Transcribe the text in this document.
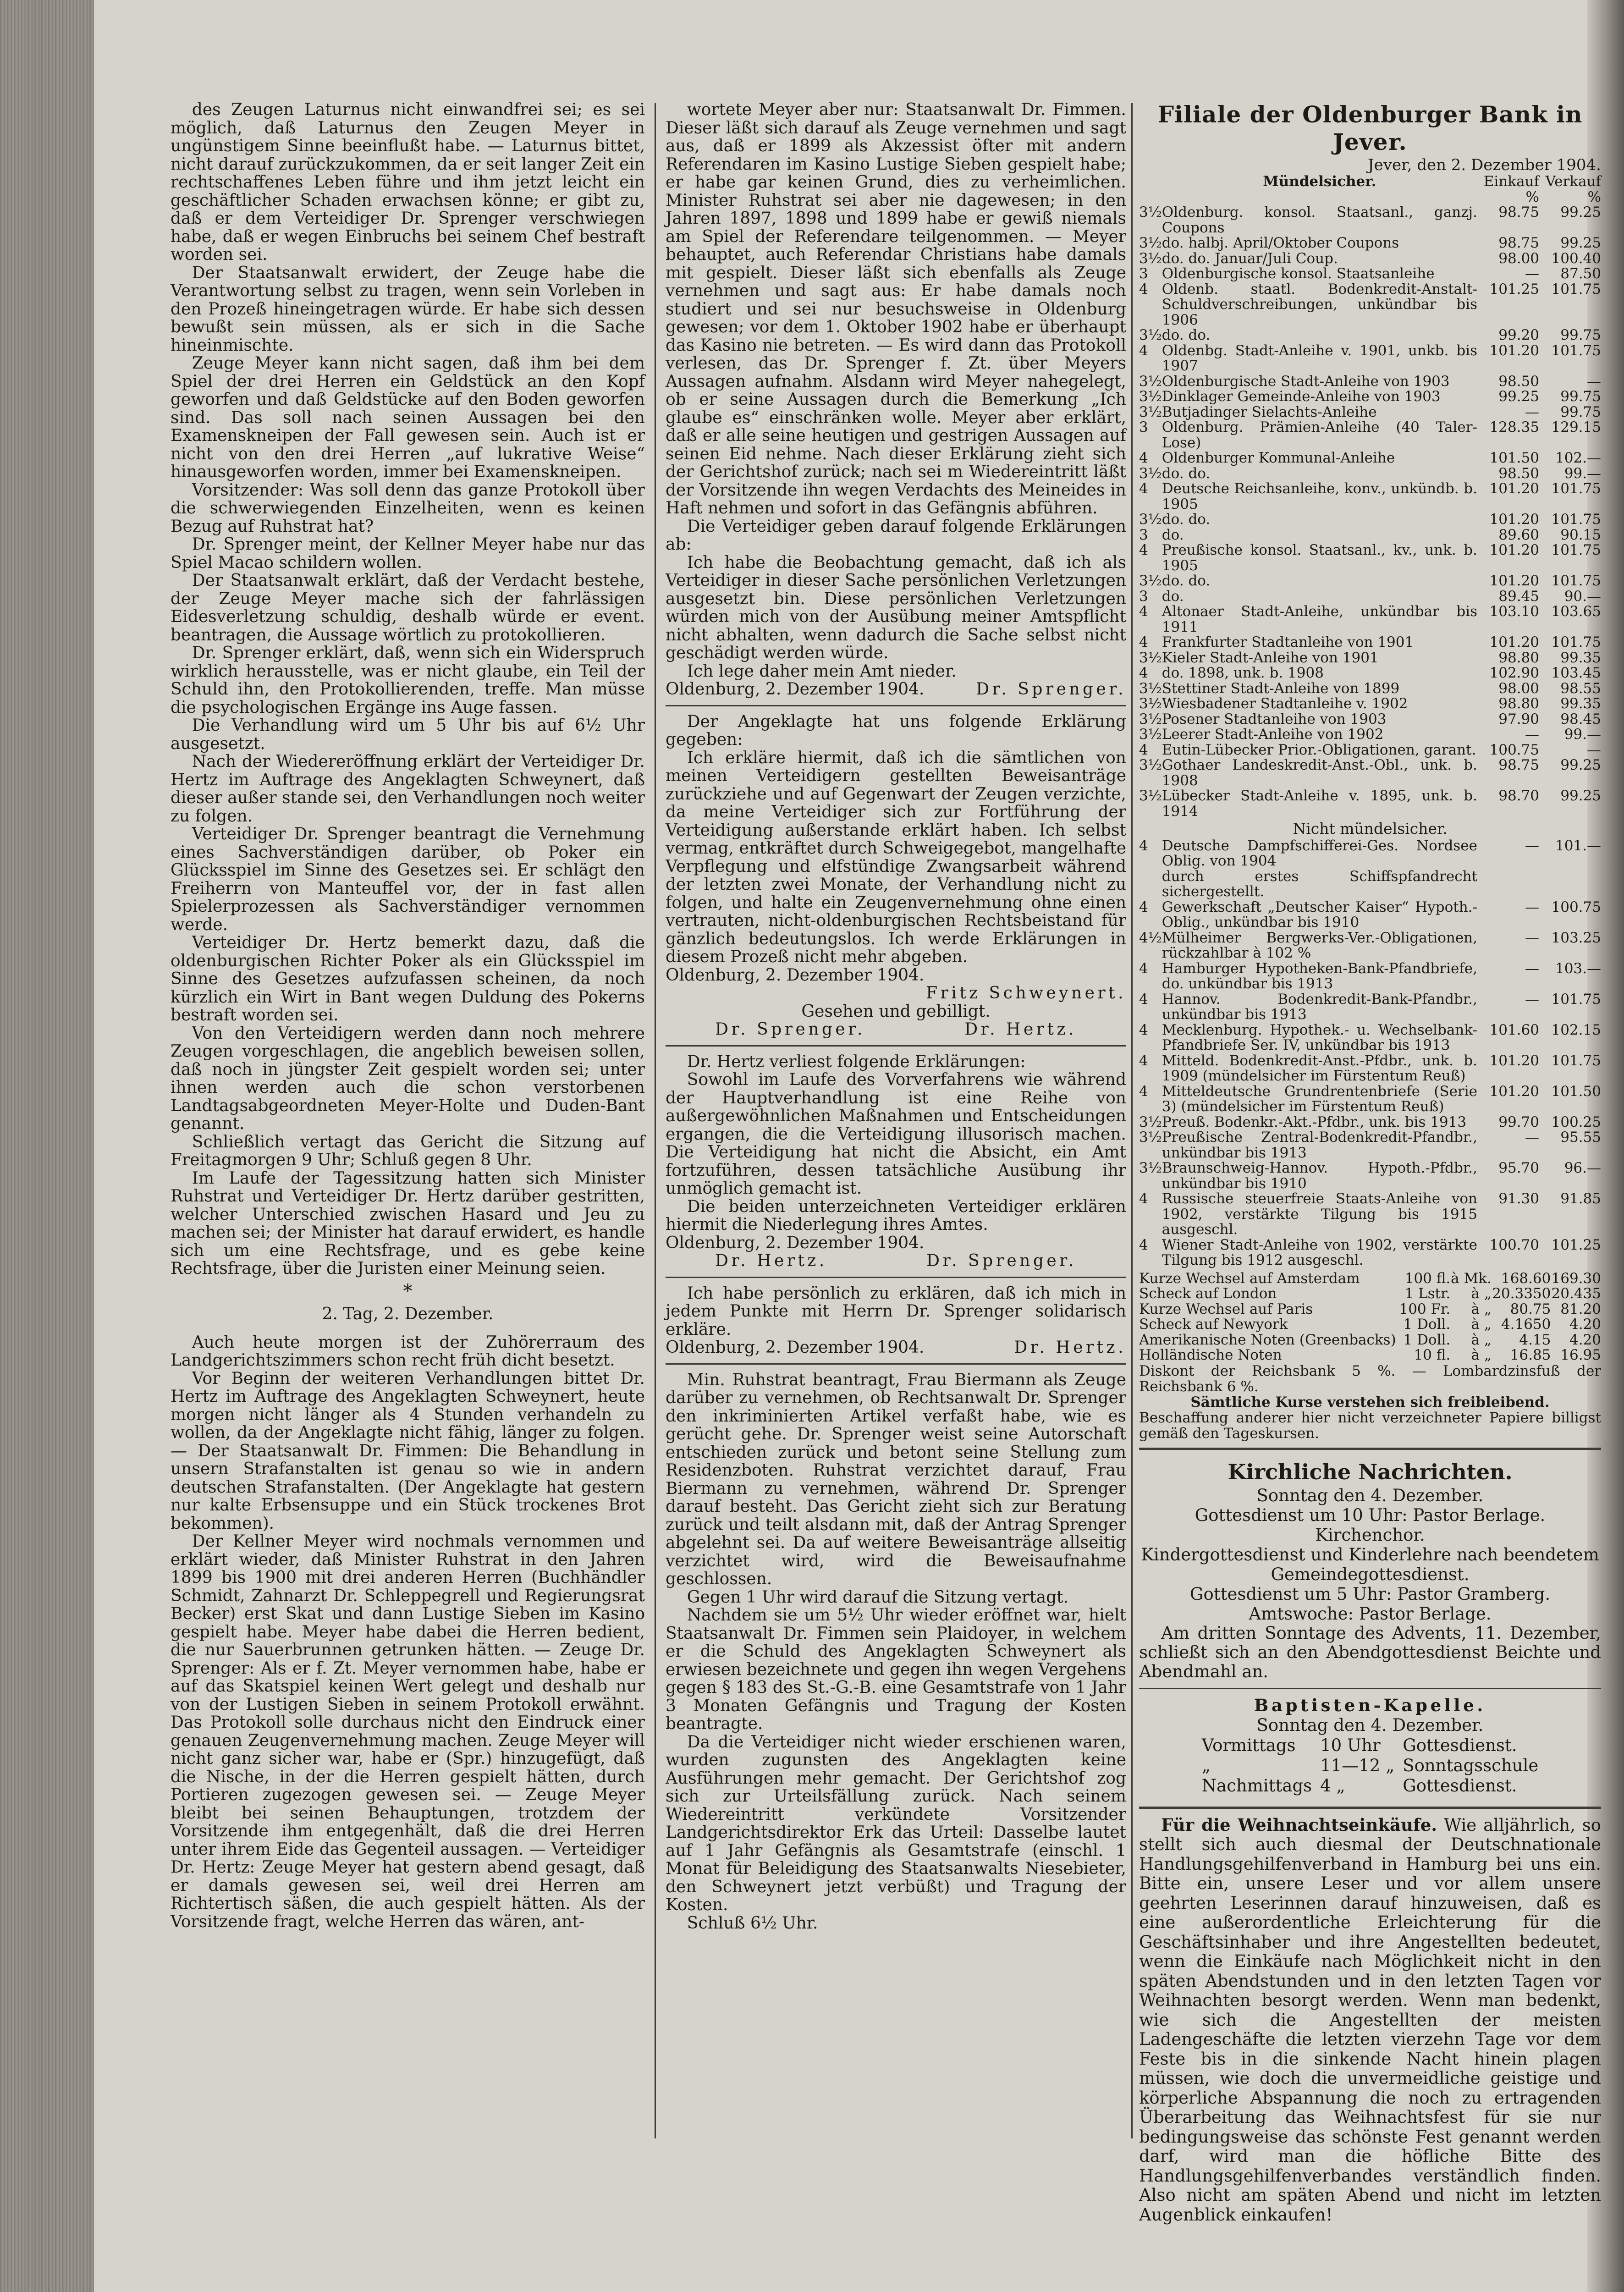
des Zeugen Laturnus nicht einwandfrei sei; es sei möglich, daß Laturnus den Zeugen Meyer in ungünstigem Sinne beeinflußt habe. — Laturnus bittet, nicht darauf zurückzukommen, da er seit langer Zeit ein rechtschaffenes Leben führe und ihm jetzt leicht ein geschäftlicher Schaden erwachsen könne; er gibt zu, daß er dem Verteidiger Dr. Sprenger verschwiegen habe, daß er wegen Einbruchs bei seinem Chef bestraft worden sei.

Der Staatsanwalt erwidert, der Zeuge habe die Verantwortung selbst zu tragen, wenn sein Vorleben in den Prozeß hineingetragen würde. Er habe sich dessen bewußt sein müssen, als er sich in die Sache hineinmischte.

Zeuge Meyer kann nicht sagen, daß ihm bei dem Spiel der drei Herren ein Geldstück an den Kopf geworfen und daß Geldstücke auf den Boden geworfen sind. Das soll nach seinen Aussagen bei den Examenskneipen der Fall gewesen sein. Auch ist er nicht von den drei Herren „auf lukrative Weise“ hinausgeworfen worden, immer bei Examenskneipen.

Vorsitzender: Was soll denn das ganze Protokoll über die schwerwiegenden Einzelheiten, wenn es keinen Bezug auf Ruhstrat hat?

Dr. Sprenger meint, der Kellner Meyer habe nur das Spiel Macao schildern wollen.

Der Staatsanwalt erklärt, daß der Verdacht bestehe, der Zeuge Meyer mache sich der fahrlässigen Eidesverletzung schuldig, deshalb würde er event. beantragen, die Aussage wörtlich zu protokollieren.

Dr. Sprenger erklärt, daß, wenn sich ein Widerspruch wirklich herausstelle, was er nicht glaube, ein Teil der Schuld ihn, den Protokollierenden, treffe. Man müsse die psychologischen Ergänge ins Auge fassen.

Die Verhandlung wird um 5 Uhr bis auf 6½ Uhr ausgesetzt.

Nach der Wiedereröffnung erklärt der Verteidiger Dr. Hertz im Auftrage des Angeklagten Schweynert, daß dieser außer stande sei, den Verhandlungen noch weiter zu folgen.

Verteidiger Dr. Sprenger beantragt die Vernehmung eines Sachverständigen darüber, ob Poker ein Glücksspiel im Sinne des Gesetzes sei. Er schlägt den Freiherrn von Manteuffel vor, der in fast allen Spielerprozessen als Sachverständiger vernommen werde.

Verteidiger Dr. Hertz bemerkt dazu, daß die oldenburgischen Richter Poker als ein Glücksspiel im Sinne des Gesetzes aufzufassen scheinen, da noch kürzlich ein Wirt in Bant wegen Duldung des Pokerns bestraft worden sei.

Von den Verteidigern werden dann noch mehrere Zeugen vorgeschlagen, die angeblich beweisen sollen, daß noch in jüngster Zeit gespielt worden sei; unter ihnen werden auch die schon verstorbenen Landtagsabgeordneten Meyer-Holte und Duden-Bant genannt.

Schließlich vertagt das Gericht die Sitzung auf Freitagmorgen 9 Uhr; Schluß gegen 8 Uhr.

Im Laufe der Tagessitzung hatten sich Minister Ruhstrat und Verteidiger Dr. Hertz darüber gestritten, welcher Unterschied zwischen Hasard und Jeu zu machen sei; der Minister hat darauf erwidert, es handle sich um eine Rechtsfrage, und es gebe keine Rechtsfrage, über die Juristen einer Meinung seien.

*

2. Tag, 2. Dezember.

Auch heute morgen ist der Zuhörerraum des Landgerichtszimmers schon recht früh dicht besetzt.

Vor Beginn der weiteren Verhandlungen bittet Dr. Hertz im Auftrage des Angeklagten Schweynert, heute morgen nicht länger als 4 Stunden verhandeln zu wollen, da der Angeklagte nicht fähig, länger zu folgen. — Der Staatsanwalt Dr. Fimmen: Die Behandlung in unsern Strafanstalten ist genau so wie in andern deutschen Strafanstalten. (Der Angeklagte hat gestern nur kalte Erbsensuppe und ein Stück trockenes Brot bekommen).

Der Kellner Meyer wird nochmals vernommen und erklärt wieder, daß Minister Ruhstrat in den Jahren 1899 bis 1900 mit drei anderen Herren (Buchhändler Schmidt, Zahnarzt Dr. Schleppegrell und Regierungsrat Becker) erst Skat und dann Lustige Sieben im Kasino gespielt habe. Meyer habe dabei die Herren bedient, die nur Sauerbrunnen getrunken hätten. — Zeuge Dr. Sprenger: Als er f. Zt. Meyer vernommen habe, habe er auf das Skatspiel keinen Wert gelegt und deshalb nur von der Lustigen Sieben in seinem Protokoll erwähnt. Das Protokoll solle durchaus nicht den Eindruck einer genauen Zeugenvernehmung machen. Zeuge Meyer will nicht ganz sicher war, habe er (Spr.) hinzugefügt, daß die Nische, in der die Herren gespielt hätten, durch Portieren zugezogen gewesen sei. — Zeuge Meyer bleibt bei seinen Behauptungen, trotzdem der Vorsitzende ihm entgegenhält, daß die drei Herren unter ihrem Eide das Gegenteil aussagen. — Verteidiger Dr. Hertz: Zeuge Meyer hat gestern abend gesagt, daß er damals gewesen sei, weil drei Herren am Richtertisch säßen, die auch gespielt hätten. Als der Vorsitzende fragt, welche Herren das wären, ant-

wortete Meyer aber nur: Staatsanwalt Dr. Fimmen. Dieser läßt sich darauf als Zeuge vernehmen und sagt aus, daß er 1899 als Akzessist öfter mit andern Referendaren im Kasino Lustige Sieben gespielt habe; er habe gar keinen Grund, dies zu verheimlichen. Minister Ruhstrat sei aber nie dagewesen; in den Jahren 1897, 1898 und 1899 habe er gewiß niemals am Spiel der Referendare teilgenommen. — Meyer behauptet, auch Referendar Christians habe damals mit gespielt. Dieser läßt sich ebenfalls als Zeuge vernehmen und sagt aus: Er habe damals noch studiert und sei nur besuchsweise in Oldenburg gewesen; vor dem 1. Oktober 1902 habe er überhaupt das Kasino nie betreten. — Es wird dann das Protokoll verlesen, das Dr. Sprenger f. Zt. über Meyers Aussagen aufnahm. Alsdann wird Meyer nahegelegt, ob er seine Aussagen durch die Bemerkung „Ich glaube es“ einschränken wolle. Meyer aber erklärt, daß er alle seine heutigen und gestrigen Aussagen auf seinen Eid nehme. Nach dieser Erklärung zieht sich der Gerichtshof zurück; nach sei m Wiedereintritt läßt der Vorsitzende ihn wegen Verdachts des Meineides in Haft nehmen und sofort in das Gefängnis abführen.

Die Verteidiger geben darauf folgende Erklärungen ab:

Ich habe die Beobachtung gemacht, daß ich als Verteidiger in dieser Sache persönlichen Verletzungen ausgesetzt bin. Diese persönlichen Verletzungen würden mich von der Ausübung meiner Amtspflicht nicht abhalten, wenn dadurch die Sache selbst nicht geschädigt werden würde.

Ich lege daher mein Amt nieder.

Oldenburg, 2. Dezember 1904.	Dr. Sprenger.

Der Angeklagte hat uns folgende Erklärung gegeben:

Ich erkläre hiermit, daß ich die sämtlichen von meinen Verteidigern gestellten Beweisanträge zurückziehe und auf Gegenwart der Zeugen verzichte, da meine Verteidiger sich zur Fortführung der Verteidigung außerstande erklärt haben. Ich selbst vermag, entkräftet durch Schweigegebot, mangelhafte Verpflegung und elfstündige Zwangsarbeit während der letzten zwei Monate, der Verhandlung nicht zu folgen, und halte ein Zeugenvernehmung ohne einen vertrauten, nicht-oldenburgischen Rechtsbeistand für gänzlich bedeutungslos. Ich werde Erklärungen in diesem Prozeß nicht mehr abgeben.

Oldenburg, 2. Dezember 1904.

Fritz Schweynert.

Gesehen und gebilligt.

Dr. Sprenger.	Dr. Hertz.

Dr. Hertz verliest folgende Erklärungen:

Sowohl im Laufe des Vorverfahrens wie während der Hauptverhandlung ist eine Reihe von außergewöhnlichen Maßnahmen und Entscheidungen ergangen, die die Verteidigung illusorisch machen. Die Verteidigung hat nicht die Absicht, ein Amt fortzuführen, dessen tatsächliche Ausübung ihr unmöglich gemacht ist.

Die beiden unterzeichneten Verteidiger erklären hiermit die Niederlegung ihres Amtes.

Oldenburg, 2. Dezember 1904.

Dr. Hertz.	Dr. Sprenger.

Ich habe persönlich zu erklären, daß ich mich in jedem Punkte mit Herrn Dr. Sprenger solidarisch erkläre.

Oldenburg, 2. Dezember 1904.	Dr. Hertz.

Min. Ruhstrat beantragt, Frau Biermann als Zeuge darüber zu vernehmen, ob Rechtsanwalt Dr. Sprenger den inkriminierten Artikel verfaßt habe, wie es gerücht gehe. Dr. Sprenger weist seine Autorschaft entschieden zurück und betont seine Stellung zum Residenzboten. Ruhstrat verzichtet darauf, Frau Biermann zu vernehmen, während Dr. Sprenger darauf besteht. Das Gericht zieht sich zur Beratung zurück und teilt alsdann mit, daß der Antrag Sprenger abgelehnt sei. Da auf weitere Beweisanträge allseitig verzichtet wird, wird die Beweisaufnahme geschlossen.

Gegen 1 Uhr wird darauf die Sitzung vertagt.

Nachdem sie um 5½ Uhr wieder eröffnet war, hielt Staatsanwalt Dr. Fimmen sein Plaidoyer, in welchem er die Schuld des Angeklagten Schweynert als erwiesen bezeichnete und gegen ihn wegen Vergehens gegen § 183 des St.-G.-B. eine Gesamtstrafe von 1 Jahr 3 Monaten Gefängnis und Tragung der Kosten beantragte.

Da die Verteidiger nicht wieder erschienen waren, wurden zugunsten des Angeklagten keine Ausführungen mehr gemacht. Der Gerichtshof zog sich zur Urteilsfällung zurück. Nach seinem Wiedereintritt verkündete Vorsitzender Landgerichtsdirektor Erk das Urteil: Dasselbe lautet auf 1 Jahr Gefängnis als Gesamtstrafe (einschl. 1 Monat für Beleidigung des Staatsanwalts Niesebieter, den Schweynert jetzt verbüßt) und Tragung der Kosten.

Schluß 6½ Uhr.

Filiale der Oldenburger Bank in Jever.
Jever, den 2. Dezember 1904.
	Mündelsicher.	Einkauf	Verkauf
		%	%
3½	Oldenburg. konsol. Staatsanl., ganzj. Coupons	98.75	99.25
3½	do. halbj. April/Oktober Coupons	98.75	99.25
3½	do. do. Januar/Juli Coup.	98.00	100.40
3	Oldenburgische konsol. Staatsanleihe	—	87.50
4	Oldenb. staatl. Bodenkredit-Anstalt-Schuldverschreibungen, unkündbar bis 1906	101.25	101.75
3½	do. do.	99.20	99.75
4	Oldenbg. Stadt-Anleihe v. 1901, unkb. bis 1907	101.20	101.75
3½	Oldenburgische Stadt-Anleihe von 1903	98.50	—
3½	Dinklager Gemeinde-Anleihe von 1903	99.25	99.75
3½	Butjadinger Sielachts-Anleihe	—	99.75
3	Oldenburg. Prämien-Anleihe (40 Taler-Lose)	128.35	129.15
4	Oldenburger Kommunal-Anleihe	101.50	102.—
3½	do. do.	98.50	99.—
4	Deutsche Reichsanleihe, konv., unkündb. b. 1905	101.20	101.75
3½	do. do.	101.20	101.75
3	do.	89.60	90.15
4	Preußische konsol. Staatsanl., kv., unk. b. 1905	101.20	101.75
3½	do. do.	101.20	101.75
3	do.	89.45	90.—
4	Altonaer Stadt-Anleihe, unkündbar bis 1911	103.10	103.65
4	Frankfurter Stadtanleihe von 1901	101.20	101.75
3½	Kieler Stadt-Anleihe von 1901	98.80	99.35
4	do. 1898, unk. b. 1908	102.90	103.45
3½	Stettiner Stadt-Anleihe von 1899	98.00	98.55
3½	Wiesbadener Stadtanleihe v. 1902	98.80	99.35
3½	Posener Stadtanleihe von 1903	97.90	98.45
3½	Leerer Stadt-Anleihe von 1902	—	99.—
4	Eutin-Lübecker Prior.-Obligationen, garant.	100.75	—
3½	Gothaer Landeskredit-Anst.-Obl., unk. b. 1908	98.75	99.25
3½	Lübecker Stadt-Anleihe v. 1895, unk. b. 1914	98.70	99.25
Nicht mündelsicher.			
4	Deutsche Dampfschifferei-Ges. Nordsee Oblig. von 1904	—	101.—
	durch erstes Schiffspfandrecht sichergestellt.		
4	Gewerkschaft „Deutscher Kaiser“ Hypoth.-Oblig., unkündbar bis 1910	—	100.75
4½	Mülheimer Bergwerks-Ver.-Obligationen, rückzahlbar à 102 %	—	103.25
4	Hamburger Hypotheken-Bank-Pfandbriefe, do. unkündbar bis 1913	—	103.—
4	Hannov. Bodenkredit-Bank-Pfandbr., unkündbar bis 1913	—	101.75
4	Mecklenburg. Hypothek.- u. Wechselbank-Pfandbriefe Ser. IV, unkündbar bis 1913	101.60	102.15
4	Mitteld. Bodenkredit-Anst.-Pfdbr., unk. b. 1909 (mündelsicher im Fürstentum Reuß)	101.20	101.75
4	Mitteldeutsche Grundrentenbriefe (Serie 3) (mündelsicher im Fürstentum Reuß)	101.20	101.50
3½	Preuß. Bodenkr.-Akt.-Pfdbr., unk. bis 1913	99.70	100.25
3½	Preußische Zentral-Bodenkredit-Pfandbr., unkündbar bis 1913	—	95.55
3½	Braunschweig-Hannov. Hypoth.-Pfdbr., unkündbar bis 1910	95.70	96.—
4	Russische steuerfreie Staats-Anleihe von 1902, verstärkte Tilgung bis 1915 ausgeschl.	91.30	91.85
4	Wiener Stadt-Anleihe von 1902, verstärkte Tilgung bis 1912 ausgeschl.	100.70	101.25
Kurze Wechsel auf Amsterdam	100 fl.	à Mk.	168.60	169.30
Scheck auf London	1 Lstr.	à „	20.3350	20.435
Kurze Wechsel auf Paris	100 Fr.	à „	80.75	81.20
Scheck auf Newyork	1 Doll.	à „	4.1650	4.20
Amerikanische Noten (Greenbacks)	1 Doll.	à „	4.15	4.20
Holländische Noten	10 fl.	à „	16.85	16.95
Diskont der Reichsbank 5 %. — Lombardzinsfuß der Reichsbank 6 %.
Sämtliche Kurse verstehen sich freibleibend.
Beschaffung anderer hier nicht verzeichneter Papiere billigst gemäß den Tageskursen.
Kirchliche Nachrichten.
Sonntag den 4. Dezember.
Gottesdienst um 10 Uhr: Pastor Berlage.
Kirchenchor.
Kindergottesdienst und Kinderlehre nach beendetem Gemeindegottesdienst.
Gottesdienst um 5 Uhr: Pastor Gramberg.
Amtswoche: Pastor Berlage.

Am dritten Sonntage des Advents, 11. Dezember, schließt sich an den Abendgottesdienst Beichte und Abendmahl an.

Baptisten-Kapelle.
Sonntag den 4. Dezember.
Vormittags	10 Uhr	Gottesdienst.
„	11—12 „	Sonntagsschule
Nachmittags	4 „	Gottesdienst.

Für die Weihnachtseinkäufe. Wie alljährlich, so stellt sich auch diesmal der Deutschnationale Handlungsgehilfenverband in Hamburg bei uns ein. Bitte ein, unsere Leser und vor allem unsere geehrten Leserinnen darauf hinzuweisen, daß es eine außerordentliche Erleichterung für die Geschäftsinhaber und ihre Angestellten bedeutet, wenn die Einkäufe nach Möglichkeit nicht in den späten Abendstunden und in den letzten Tagen vor Weihnachten besorgt werden. Wenn man bedenkt, wie sich die Angestellten der meisten Ladengeschäfte die letzten vierzehn Tage vor dem Feste bis in die sinkende Nacht hinein plagen müssen, wie doch die unvermeidliche geistige und körperliche Abspannung die noch zu ertragenden Überarbeitung das Weihnachtsfest für sie nur bedingungsweise das schönste Fest genannt werden darf, wird man die höfliche Bitte des Handlungsgehilfenverbandes verständlich finden. Also nicht am späten Abend und nicht im letzten Augenblick einkaufen!
